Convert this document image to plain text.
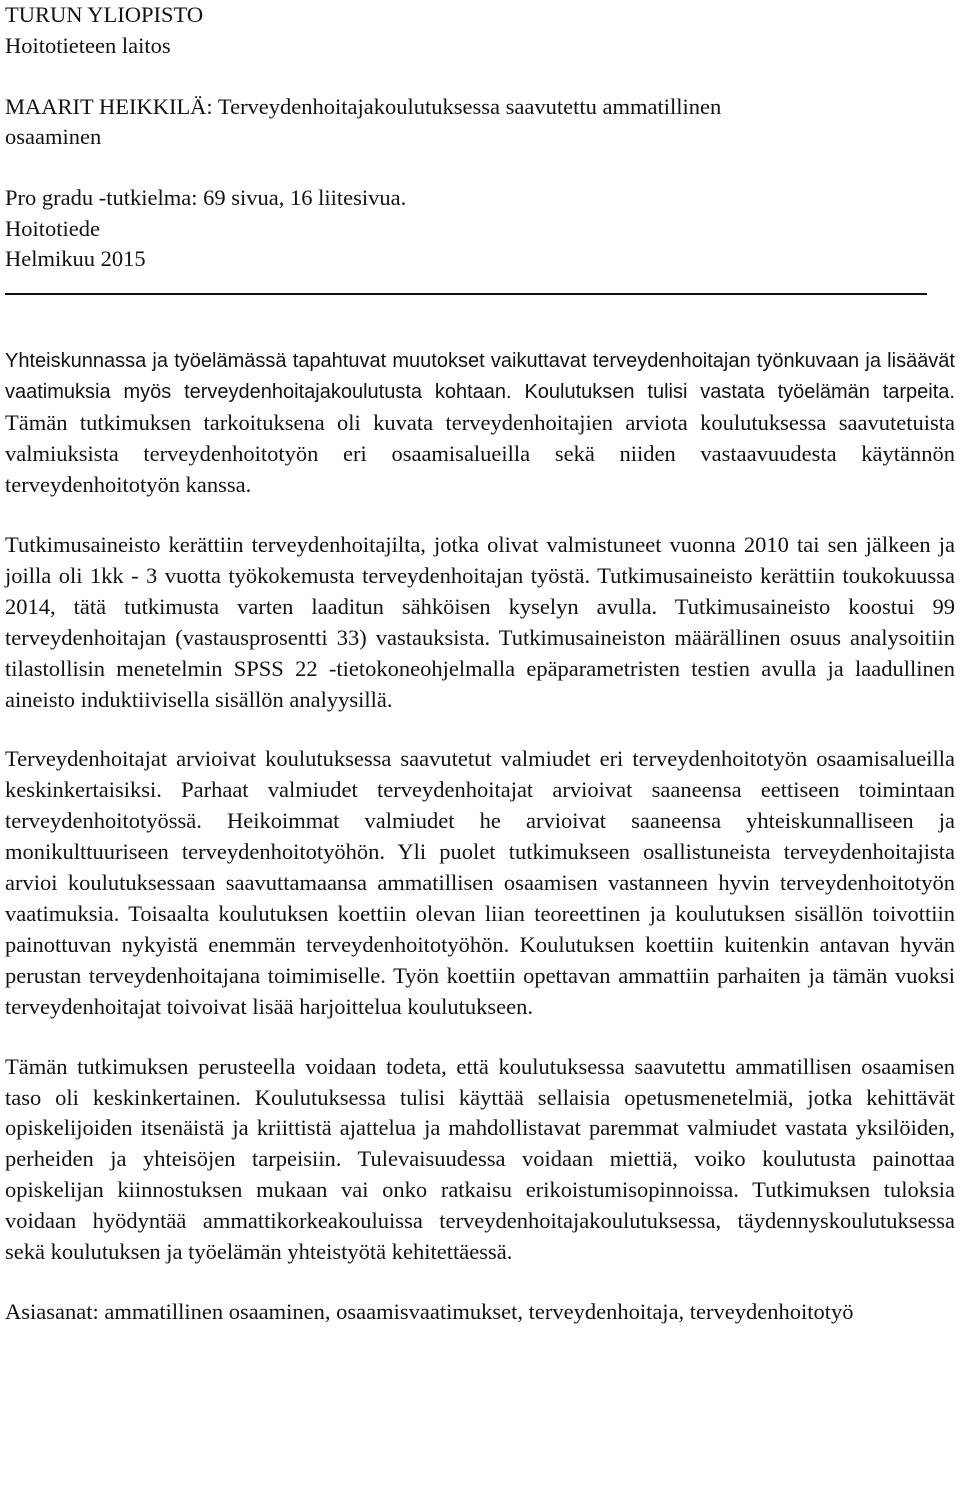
TURUN YLIOPISTO

Hoitotieteen laitos

MAARIT HEIKKILÄ: Terveydenhoitajakoulutuksessa saavutettu ammatillinen

osaaminen

Pro gradu -tutkielma: 69 sivua, 16 liitesivua.

Hoitotiede

Helmikuu 2015

Yhteiskunnassa ja työelämässä tapahtuvat muutokset vaikuttavat terveydenhoitajan työnkuvaan ja lisäävät vaatimuksia myös terveydenhoitajakoulutusta kohtaan. Koulutuksen tulisi vastata työelämän tarpeita. Tämän tutkimuksen tarkoituksena oli kuvata terveydenhoitajien arviota koulutuksessa saavutetuista valmiuksista terveydenhoitotyön eri osaamisalueilla sekä niiden vastaavuudesta käytännön terveydenhoitotyön kanssa.

Tutkimusaineisto kerättiin terveydenhoitajilta, jotka olivat valmistuneet vuonna 2010 tai sen jälkeen ja joilla oli 1kk - 3 vuotta työkokemusta terveydenhoitajan työstä. Tutkimusaineisto kerättiin toukokuussa 2014, tätä tutkimusta varten laaditun sähköisen kyselyn avulla. Tutkimusaineisto koostui 99 terveydenhoitajan (vastausprosentti 33) vastauksista. Tutkimusaineiston määrällinen osuus analysoitiin tilastollisin menetelmin SPSS 22 -tietokoneohjelmalla epäparametristen testien avulla ja laadullinen aineisto induktiivisella sisällön analyysillä.

Terveydenhoitajat arvioivat koulutuksessa saavutetut valmiudet eri terveydenhoitotyön osaamisalueilla keskinkertaisiksi. Parhaat valmiudet terveydenhoitajat arvioivat saaneensa eettiseen toimintaan terveydenhoitotyössä. Heikoimmat valmiudet he arvioivat saaneensa yhteiskunnalliseen ja monikulttuuriseen terveydenhoitotyöhön. Yli puolet tutkimukseen osallistuneista terveydenhoitajista arvioi koulutuksessaan saavuttamaansa ammatillisen osaamisen vastanneen hyvin terveydenhoitotyön vaatimuksia. Toisaalta koulutuksen koettiin olevan liian teoreettinen ja koulutuksen sisällön toivottiin painottuvan nykyistä enemmän terveydenhoitotyöhön. Koulutuksen koettiin kuitenkin antavan hyvän perustan terveydenhoitajana toimimiselle. Työn koettiin opettavan ammattiin parhaiten ja tämän vuoksi terveydenhoitajat toivoivat lisää harjoittelua koulutukseen.

Tämän tutkimuksen perusteella voidaan todeta, että koulutuksessa saavutettu ammatillisen osaamisen taso oli keskinkertainen. Koulutuksessa tulisi käyttää sellaisia opetusmenetelmiä, jotka kehittävät opiskelijoiden itsenäistä ja kriittistä ajattelua ja mahdollistavat paremmat valmiudet vastata yksilöiden, perheiden ja yhteisöjen tarpeisiin. Tulevaisuudessa voidaan miettiä, voiko koulutusta painottaa opiskelijan kiinnostuksen mukaan vai onko ratkaisu erikoistumisopinnoissa. Tutkimuksen tuloksia voidaan hyödyntää ammattikorkeakouluissa terveydenhoitajakoulutuksessa, täydennyskoulutuksessa sekä koulutuksen ja työelämän yhteistyötä kehitettäessä.

Asiasanat: ammatillinen osaaminen, osaamisvaatimukset, terveydenhoitaja, terveydenhoitotyö
